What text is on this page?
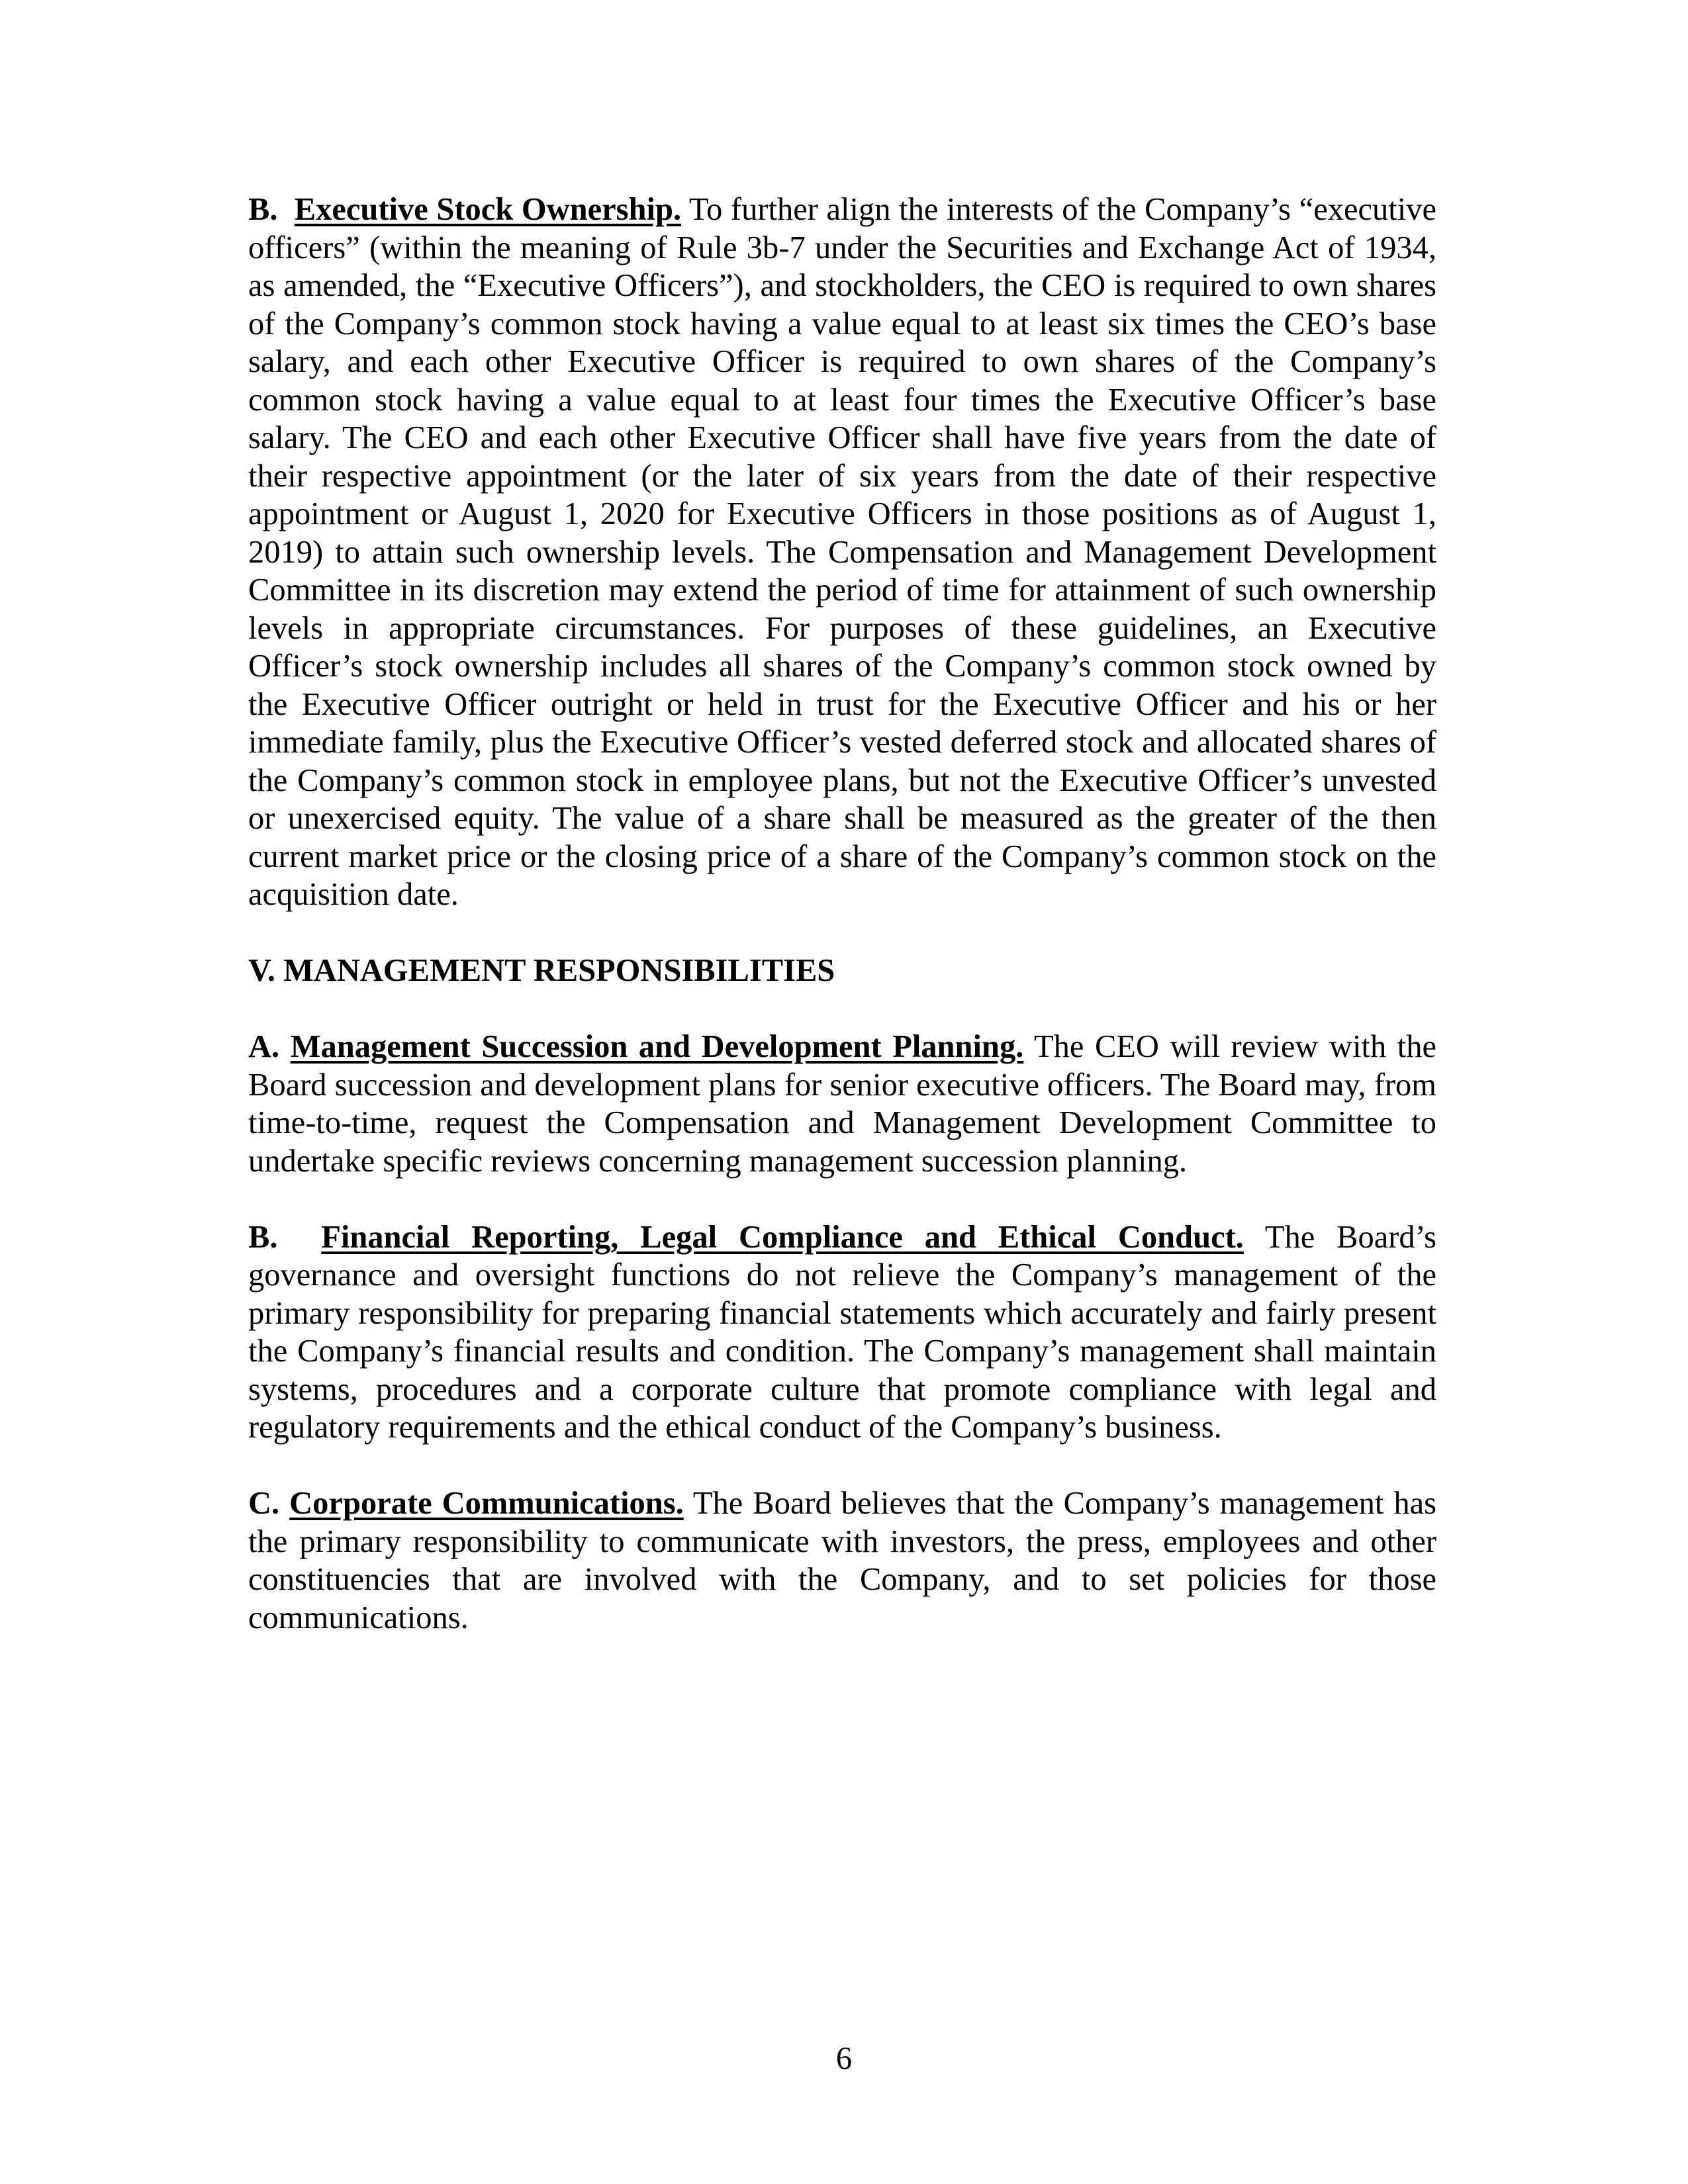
B. Executive Stock Ownership. To further align the interests of the Company’s “executive officers” (within the meaning of Rule 3b-7 under the Securities and Exchange Act of 1934, as amended, the “Executive Officers”), and stockholders, the CEO is required to own shares of the Company’s common stock having a value equal to at least six times the CEO’s base salary, and each other Executive Officer is required to own shares of the Company’s common stock having a value equal to at least four times the Executive Officer’s base salary. The CEO and each other Executive Officer shall have five years from the date of their respective appointment (or the later of six years from the date of their respective appointment or August 1, 2020 for Executive Officers in those positions as of August 1, 2019) to attain such ownership levels. The Compensation and Management Development Committee in its discretion may extend the period of time for attainment of such ownership levels in appropriate circumstances. For purposes of these guidelines, an Executive Officer’s stock ownership includes all shares of the Company’s common stock owned by the Executive Officer outright or held in trust for the Executive Officer and his or her immediate family, plus the Executive Officer’s vested deferred stock and allocated shares of the Company’s common stock in employee plans, but not the Executive Officer’s unvested or unexercised equity. The value of a share shall be measured as the greater of the then current market price or the closing price of a share of the Company’s common stock on the acquisition date.

V. MANAGEMENT RESPONSIBILITIES

A. Management Succession and Development Planning. The CEO will review with the Board succession and development plans for senior executive officers. The Board may, from time-to-time, request the Compensation and Management Development Committee to undertake specific reviews concerning management succession planning.

B. Financial Reporting, Legal Compliance and Ethical Conduct. The Board’s governance and oversight functions do not relieve the Company’s management of the primary responsibility for preparing financial statements which accurately and fairly present the Company’s financial results and condition. The Company’s management shall maintain systems, procedures and a corporate culture that promote compliance with legal and regulatory requirements and the ethical conduct of the Company’s business.

C. Corporate Communications. The Board believes that the Company’s management has the primary responsibility to communicate with investors, the press, employees and other constituencies that are involved with the Company, and to set policies for those communications.

6
